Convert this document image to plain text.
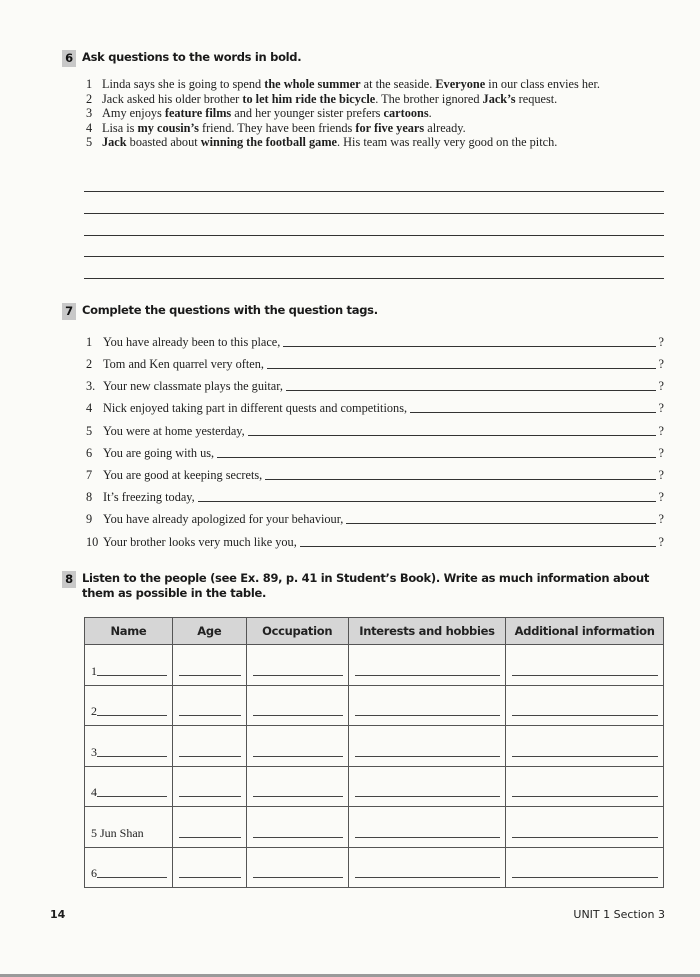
6 Ask questions to the words in bold.
1 Linda says she is going to spend the whole summer at the seaside. Everyone in our class envies her.
2 Jack asked his older brother to let him ride the bicycle. The brother ignored Jack’s request.
3 Amy enjoys feature films and her younger sister prefers cartoons.
4 Lisa is my cousin’s friend. They have been friends for five years already.
5 Jack boasted about winning the football game. His team was really very good on the pitch.
7 Complete the questions with the question tags.
1 You have already been to this place,	?
2 Tom and Ken quarrel very often,	?
3. Your new classmate plays the guitar,	?
4 Nick enjoyed taking part in different quests and competitions,	?
5 You were at home yesterday,	?
6 You are going with us,	?
7 You are good at keeping secrets,	?
8 It’s freezing today,	?
9 You have already apologized for your behaviour,	?
10 Your brother looks very much like you,	?
8 Listen to the people (see Ex. 89, p. 41 in Student’s Book). Write as much information about them as possible in the table.
Name	Age	Occupation	Interests and hobbies	Additional information

1				

2				

3				

4				

5 Jun Shan				

6				

14	UNIT 1 Section 3
